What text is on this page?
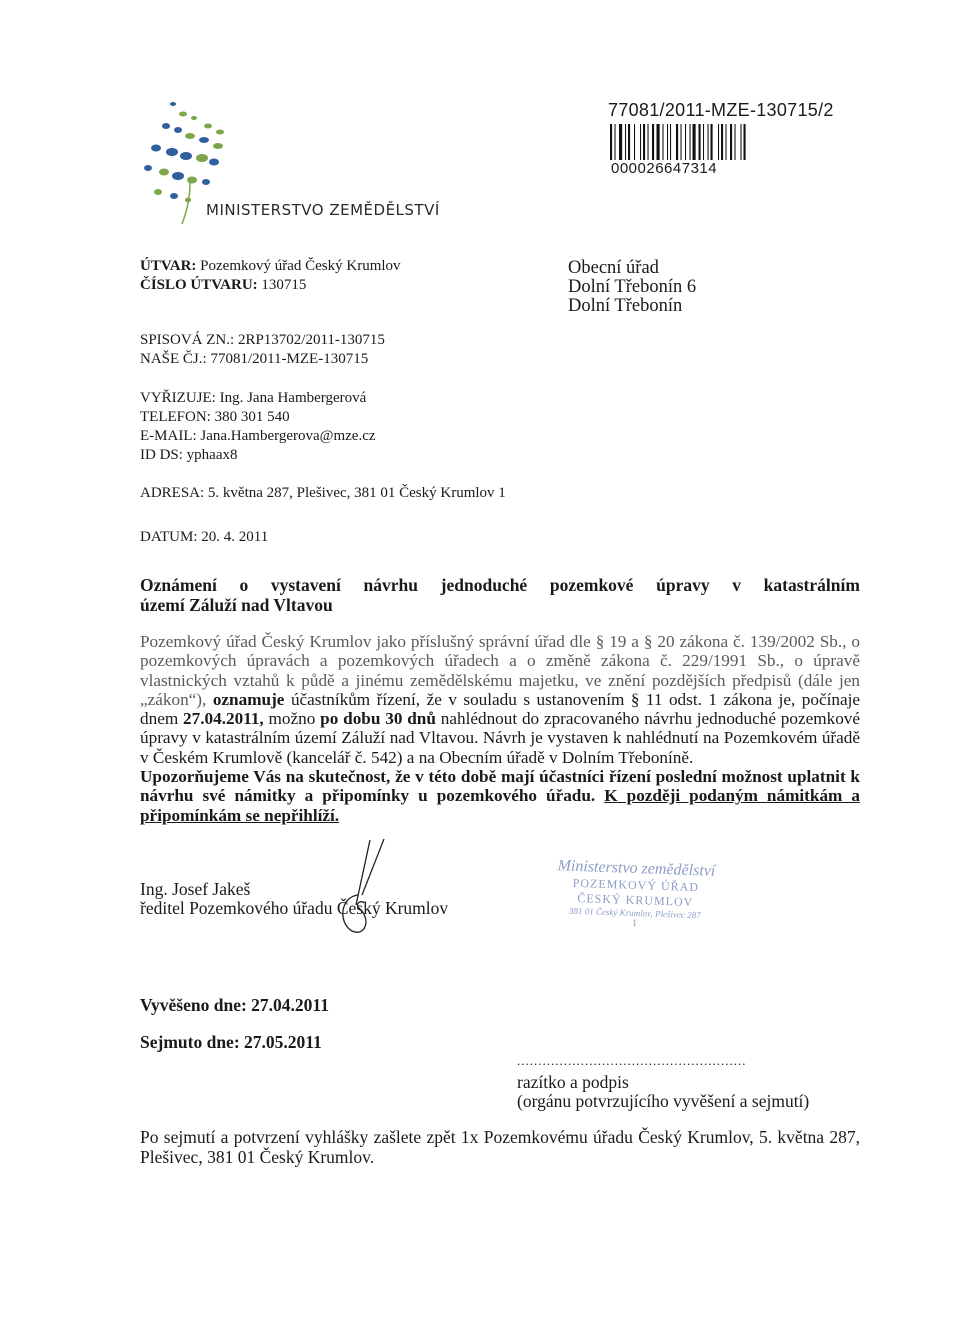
MINISTERSTVO ZEMĚDĚLSTVÍ
77081/2011-MZE-130715/2
000026647314
ÚTVAR: Pozemkový úřad Český Krumlov
ČÍSLO ÚTVARU: 130715
SPISOVÁ ZN.: 2RP13702/2011-130715
NAŠE ČJ.: 77081/2011-MZE-130715
VYŘIZUJE: Ing. Jana Hambergerová
TELEFON: 380 301 540
E-MAIL: Jana.Hambergerova@mze.cz
ID DS: yphaax8
ADRESA: 5. května 287, Plešivec, 381 01 Český Krumlov 1
DATUM: 20. 4. 2011
Obecní úřad
Dolní Třebonín 6
Dolní Třebonín
Oznámení o vystavení návrhu jednoduché pozemkové úpravy v katastrálním
území Záluží nad Vltavou

Pozemkový úřad Český Krumlov jako příslušný správní úřad dle § 19 a § 20 zákona č. 139/2002 Sb., o pozemkových úpravách a pozemkových úřadech a o změně zákona č. 229/1991 Sb., o úpravě vlastnických vztahů k půdě a jinému zemědělskému majetku, ve znění pozdějších předpisů (dále jen „zákon“), oznamuje účastníkům řízení, že v souladu s ustanovením § 11 odst. 1 zákona je, počínaje dnem 27.04.2011, možno po dobu 30 dnů nahlédnout do zpracovaného návrhu jednoduché pozemkové úpravy v katastrálním území Záluží nad Vltavou. Návrh je vystaven k nahlédnutí na Pozemkovém úřadě v Českém Krumlově (kancelář č. 542) a na Obecním úřadě v Dolním Třeboníně.

Upozorňujeme Vás na skutečnost, že v této době mají účastníci řízení poslední možnost uplatnit k návrhu své námitky a připomínky u pozemkového úřadu. K později podaným námitkám a připomínkám se nepřihlíží.

Ing. Josef Jakeš
ředitel Pozemkového úřadu Český Krumlov
Ministerstvo zemědělství
POZEMKOVÝ ÚŘAD
ČESKÝ KRUMLOV
381 01 Český Krumlov, Plešivec 287
1
Vyvěšeno dne: 27.04.2011
Sejmuto dne: 27.05.2011
......................................................
razítko a podpis
(orgánu potvrzujícího vyvěšení a sejmutí)
Po sejmutí a potvrzení vyhlášky zašlete zpět 1x Pozemkovému úřadu Český Krumlov, 5. května 287, Plešivec, 381 01 Český Krumlov.
